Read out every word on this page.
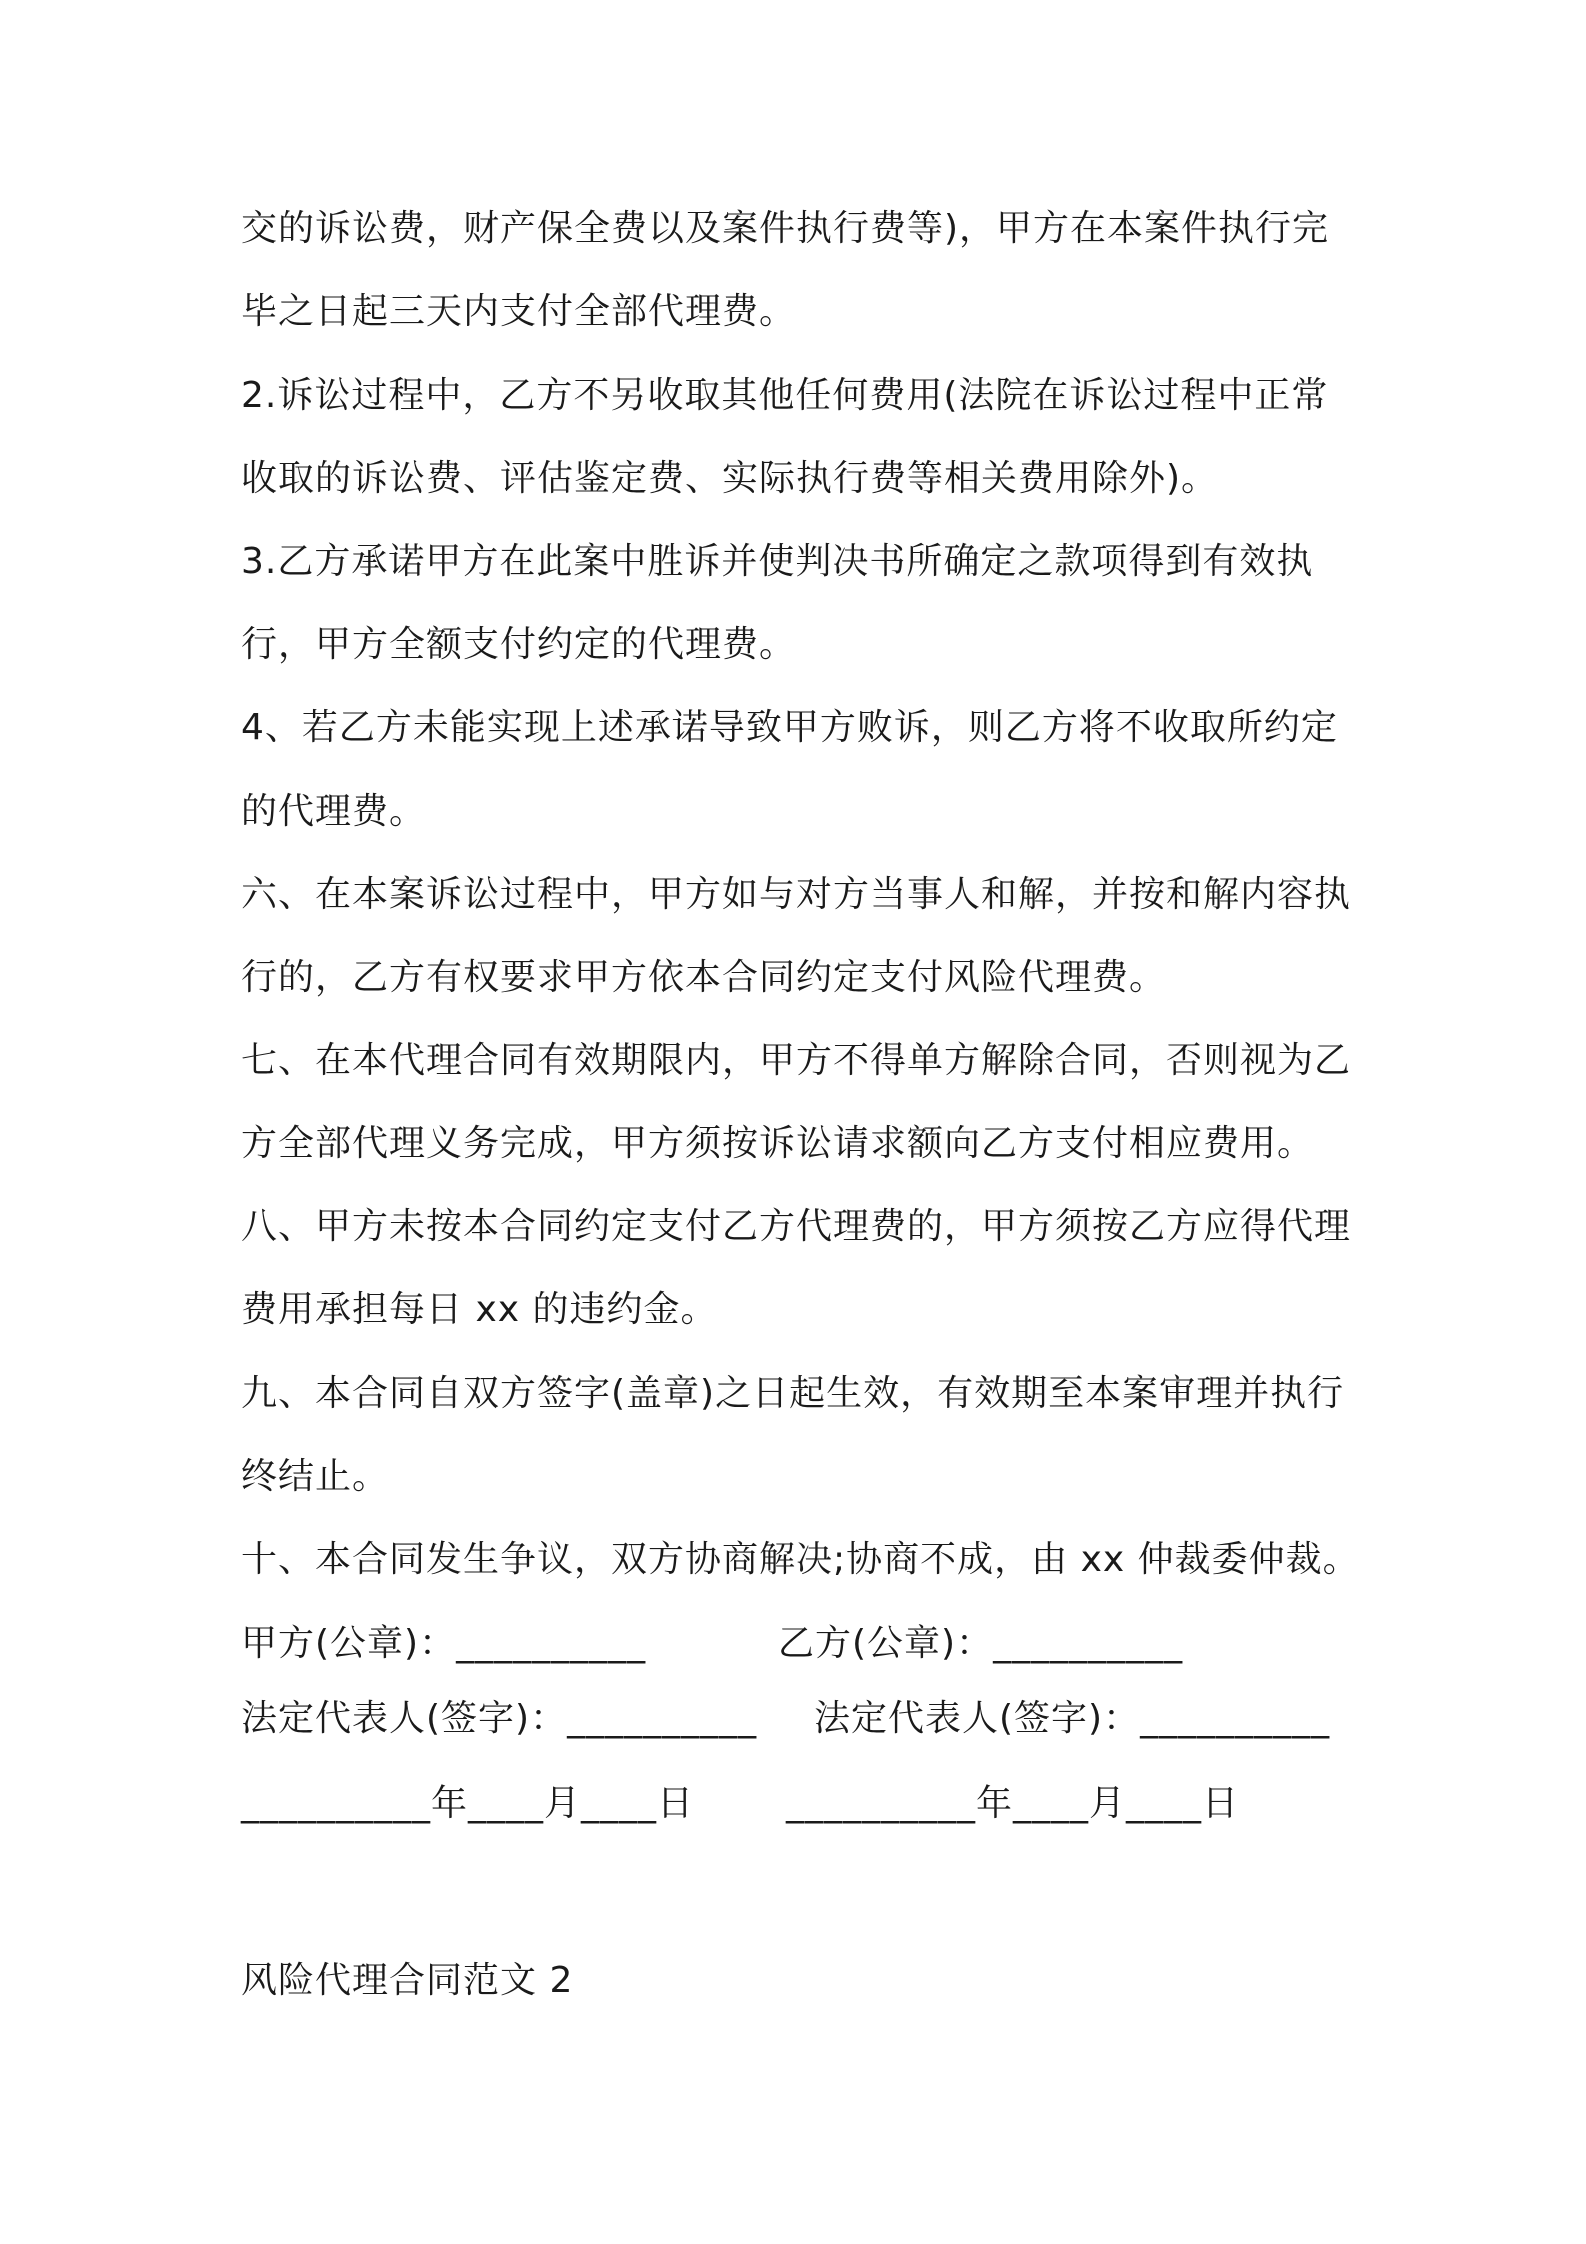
交的诉讼费，财产保全费以及案件执行费等)，甲方在本案件执行完
毕之日起三天内支付全部代理费。
2.诉讼过程中，乙方不另收取其他任何费用(法院在诉讼过程中正常
收取的诉讼费、评估鉴定费、实际执行费等相关费用除外)。
3.乙方承诺甲方在此案中胜诉并使判决书所确定之款项得到有效执
行，甲方全额支付约定的代理费。
4、若乙方未能实现上述承诺导致甲方败诉，则乙方将不收取所约定
的代理费。
六、在本案诉讼过程中，甲方如与对方当事人和解，并按和解内容执
行的，乙方有权要求甲方依本合同约定支付风险代理费。
七、在本代理合同有效期限内，甲方不得单方解除合同，否则视为乙
方全部代理义务完成，甲方须按诉讼请求额向乙方支付相应费用。
八、甲方未按本合同约定支付乙方代理费的，甲方须按乙方应得代理
费用承担每日 xx 的违约金。
九、本合同自双方签字(盖章)之日起生效，有效期至本案审理并执行
终结止。
十、本合同发生争议，双方协商解决;协商不成，由 xx 仲裁委仲裁。
甲方(公章)：__________	乙方(公章)：__________
法定代表人(签字)：__________ 法定代表人(签字)：__________
__________年____月____日	__________年____月____日
风险代理合同范文 2
